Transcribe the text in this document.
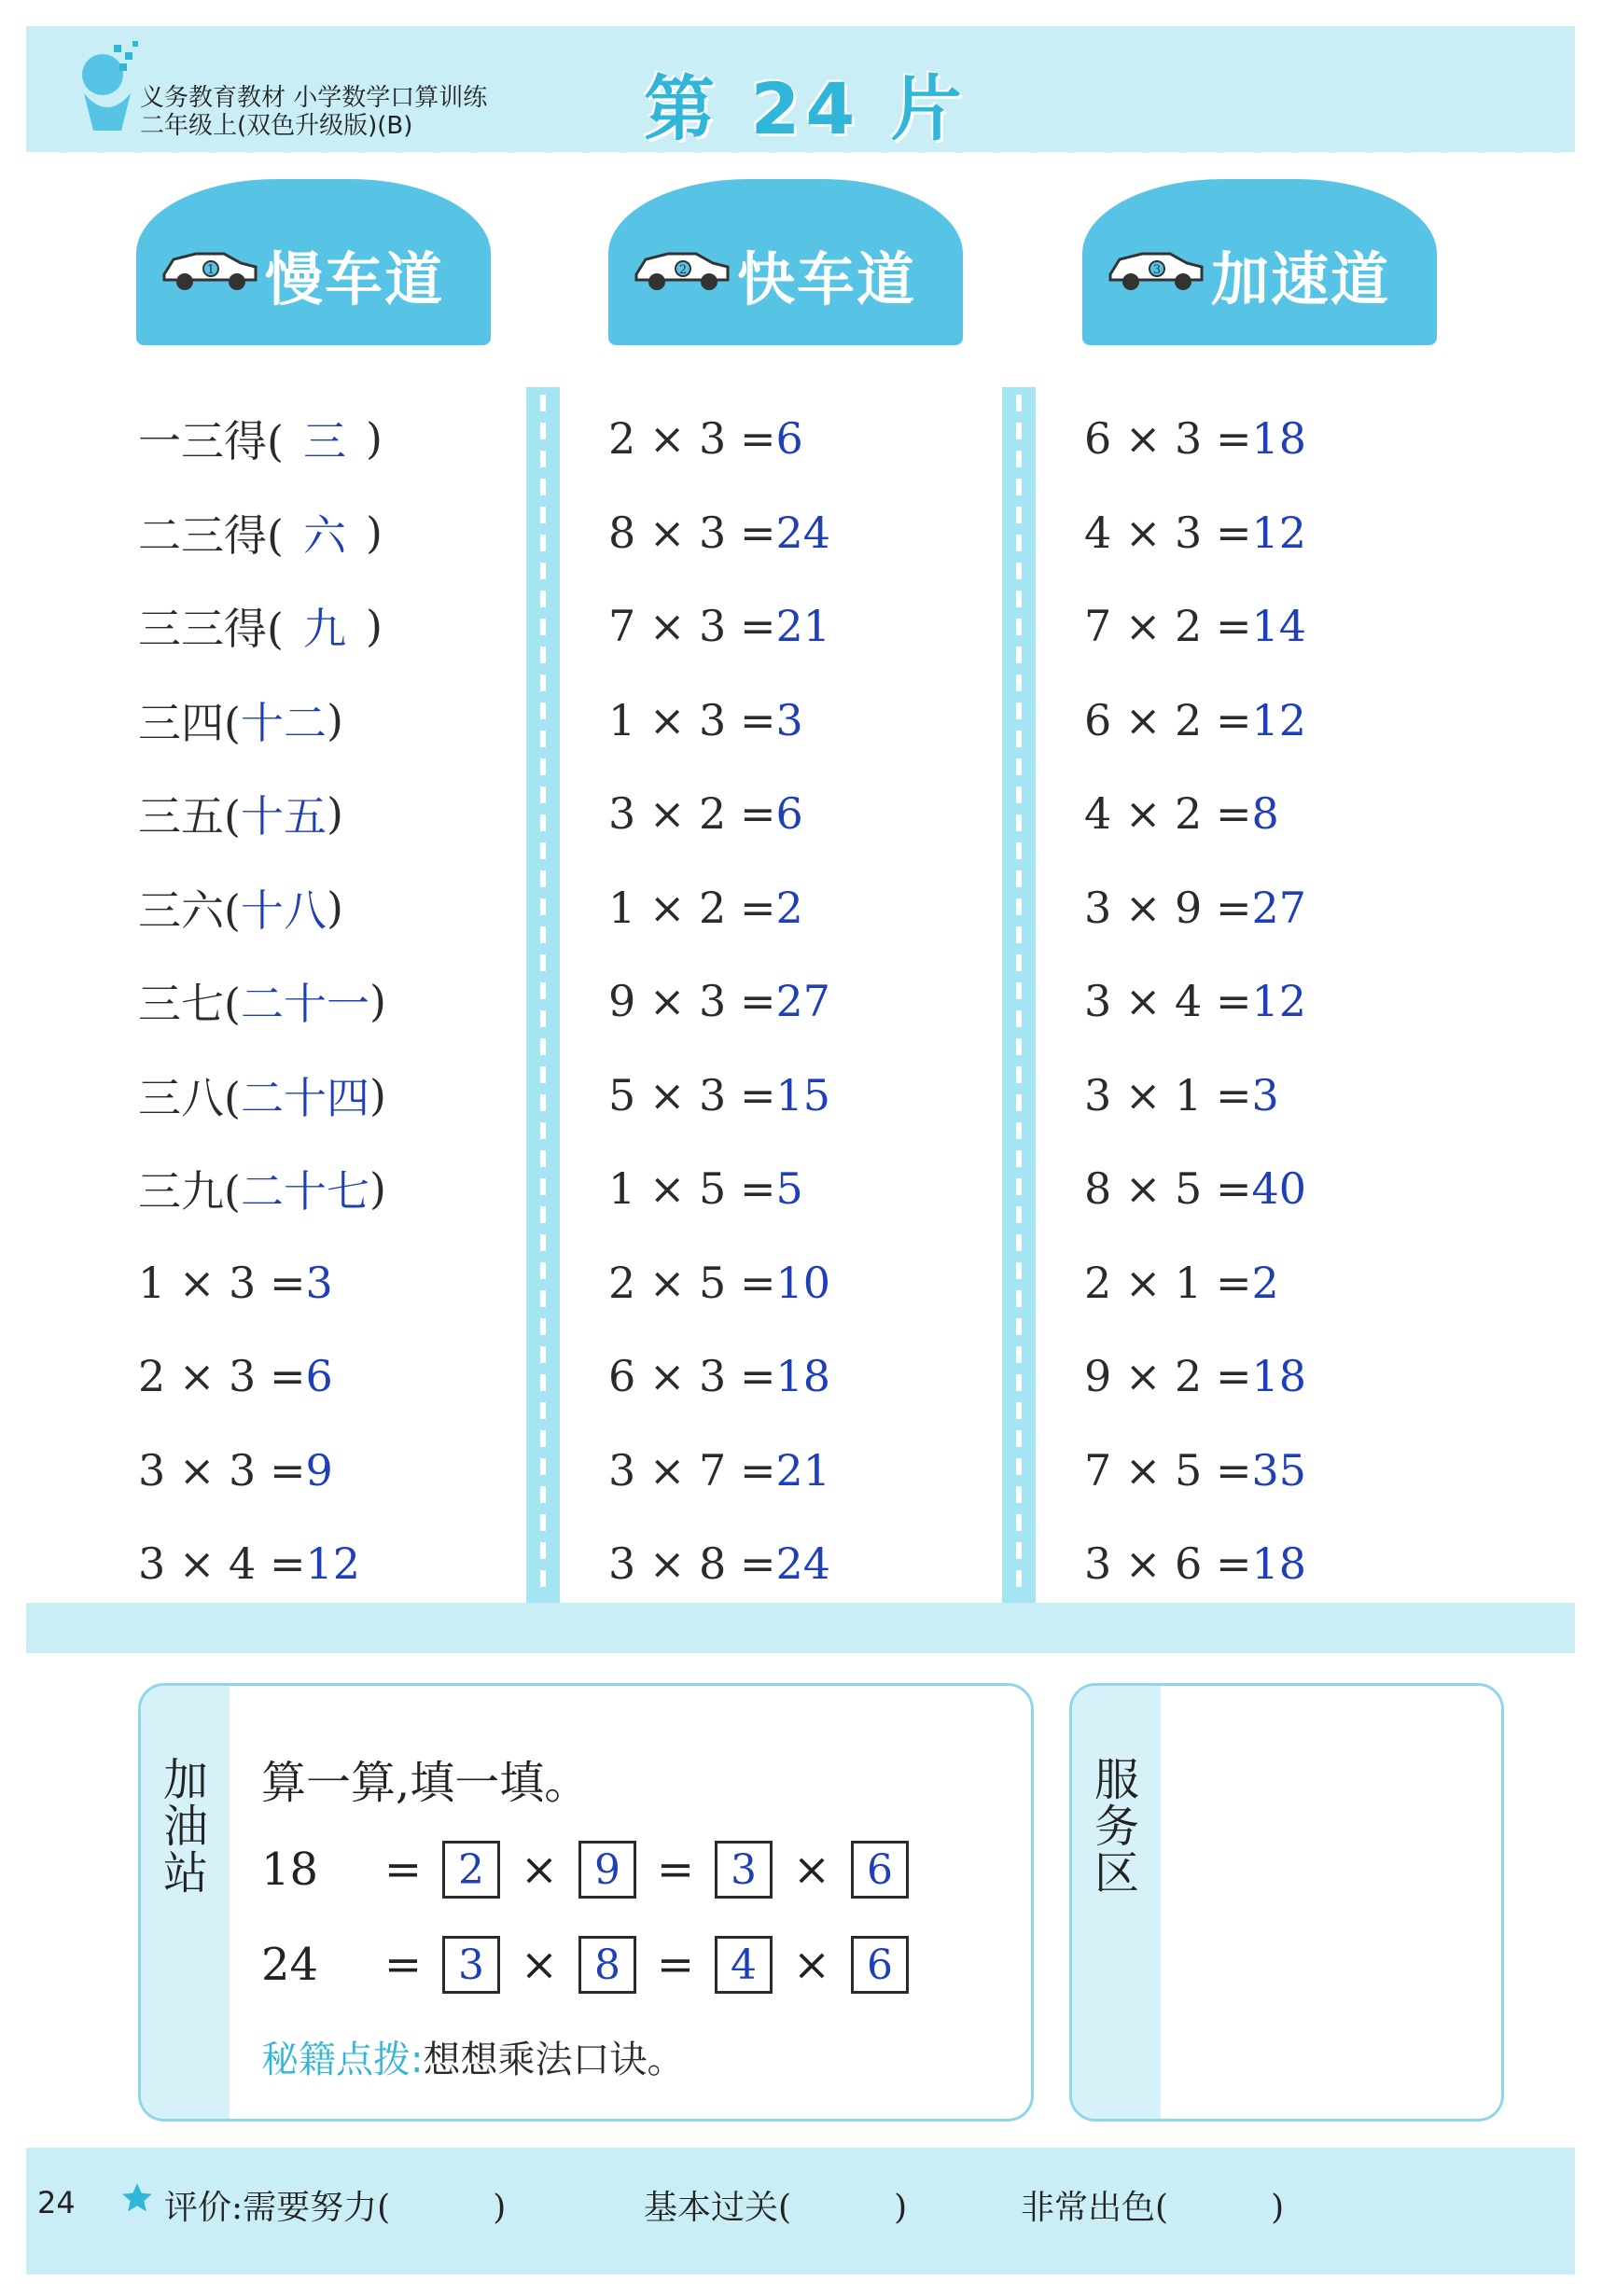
义务教育教材 小学数学口算训练
二年级上(双色升级版)(B)	第 24 片
1 慢车道	2 快车道	3 加速道
一三得( 三 )
二三得( 六 )
三三得( 九 )
三四( 十二 )
三五( 十五 )
三六( 十八 )
三七( 二十一 )
三八( 二十四 )
三九( 二十七 )
1 × 3 = 3
2 × 3 = 6
3 × 3 = 9
3 × 4 = 12
2 × 3 = 6
8 × 3 = 24
7 × 3 = 21
1 × 3 = 3
3 × 2 = 6
1 × 2 = 2
9 × 3 = 27
5 × 3 = 15
1 × 5 = 5
2 × 5 = 10
6 × 3 = 18
3 × 7 = 21
3 × 8 = 24
6 × 3 = 18
4 × 3 = 12
7 × 2 = 14
6 × 2 = 12
4 × 2 = 8
3 × 9 = 27
3 × 4 = 12
3 × 1 = 3
8 × 5 = 40
2 × 1 = 2
9 × 2 = 18
7 × 5 = 35
3 × 6 = 18
加油站
算一算,填一填。
18	= 2 × 9 = 3 × 6
24	= 3 × 8 = 4 × 6
秘籍点拨:想想乘法口诀。
服务区
24	评价:需要努力(	)	基本过关(	)	非常出色(	)
